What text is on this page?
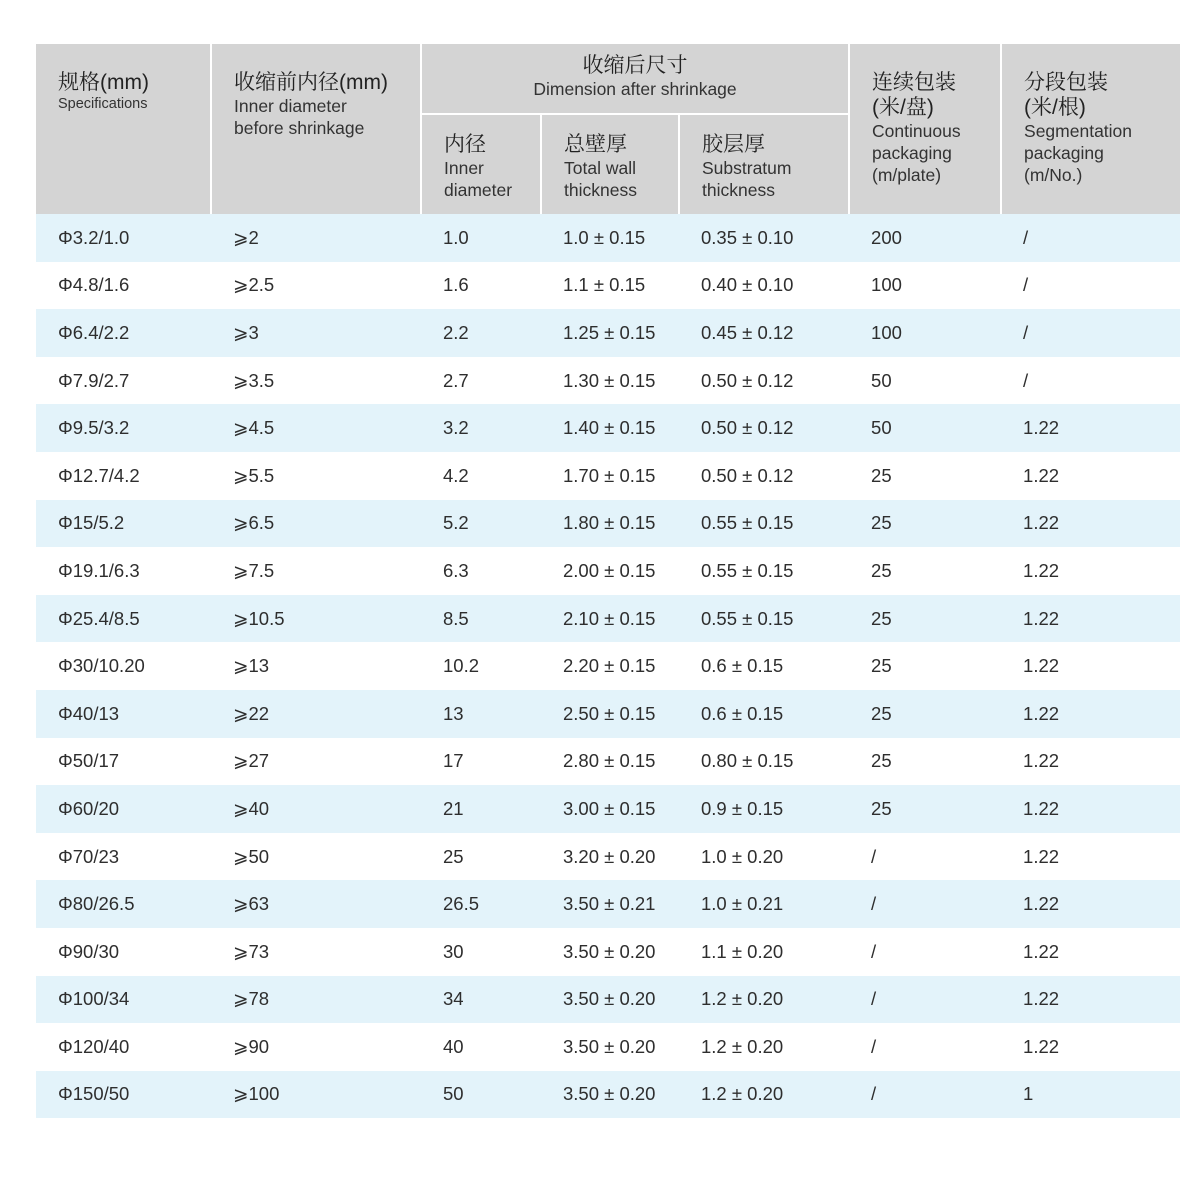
规格(mm)
Specifications	收缩前内径(mm)
Inner diameter
before shrinkage	收缩后尺寸
Dimension after shrinkage			连续包装
(米/盘)
Continuous
packaging
(m/plate)	分段包装
(米/根)
Segmentation
packaging
(m/No.)

		内径
Inner
diameter	总壁厚
Total wall
thickness	胶层厚
Substratum
thickness		

Φ3.2/1.0	⩾2	1.0	1.0 ± 0.15	0.35 ± 0.10	200	/
Φ4.8/1.6	⩾2.5	1.6	1.1 ± 0.15	0.40 ± 0.10	100	/
Φ6.4/2.2	⩾3	2.2	1.25 ± 0.15	0.45 ± 0.12	100	/
Φ7.9/2.7	⩾3.5	2.7	1.30 ± 0.15	0.50 ± 0.12	50	/
Φ9.5/3.2	⩾4.5	3.2	1.40 ± 0.15	0.50 ± 0.12	50	1.22
Φ12.7/4.2	⩾5.5	4.2	1.70 ± 0.15	0.50 ± 0.12	25	1.22
Φ15/5.2	⩾6.5	5.2	1.80 ± 0.15	0.55 ± 0.15	25	1.22
Φ19.1/6.3	⩾7.5	6.3	2.00 ± 0.15	0.55 ± 0.15	25	1.22
Φ25.4/8.5	⩾10.5	8.5	2.10 ± 0.15	0.55 ± 0.15	25	1.22
Φ30/10.20	⩾13	10.2	2.20 ± 0.15	0.6 ± 0.15	25	1.22
Φ40/13	⩾22	13	2.50 ± 0.15	0.6 ± 0.15	25	1.22
Φ50/17	⩾27	17	2.80 ± 0.15	0.80 ± 0.15	25	1.22
Φ60/20	⩾40	21	3.00 ± 0.15	0.9 ± 0.15	25	1.22
Φ70/23	⩾50	25	3.20 ± 0.20	1.0 ± 0.20	/	1.22
Φ80/26.5	⩾63	26.5	3.50 ± 0.21	1.0 ± 0.21	/	1.22
Φ90/30	⩾73	30	3.50 ± 0.20	1.1 ± 0.20	/	1.22
Φ100/34	⩾78	34	3.50 ± 0.20	1.2 ± 0.20	/	1.22
Φ120/40	⩾90	40	3.50 ± 0.20	1.2 ± 0.20	/	1.22
Φ150/50	⩾100	50	3.50 ± 0.20	1.2 ± 0.20	/	1
